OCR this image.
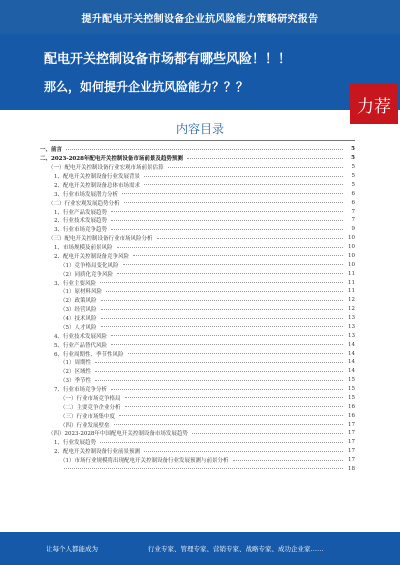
提升配电开关控制设备企业抗风险能力策略研究报告
配电开关控制设备市场都有哪些风险！！！
那么，如何提升企业抗风险能力？？？
力荐
内容目录
一、前言	5
二、2023-2028年配电开关控制设备市场前景及趋势预测	5
（一）配电开关控制设备行业宏观市场前景估算	5
1、配电开关控制设备行业发展背景	5
2、配电开关控制设备总体市场需求	5
3、行业市场发展潜力分析	6
（二）行业宏观发展趋势分析	6
1、行业产品发展趋势	7
2、行业技术发展趋势	7
3、行业市场竞争趋势	9
（三）配电开关控制设备行业市场风险分析	10
1、市场规模及前景风险	10
2、配电开关控制设备竞争风险	10
（1）竞争格局变化风险	10
（2）同质化竞争风险	11
3、行业主要风险	11
（1）原材料风险	11
（2）政策风险	12
（3）经营风险	12
（4）技术风险	13
（5）人才风险	13
4、行业技术发展风险	13
5、行业产品替代风险	14
6、行业周期性、季节性风险	14
（1）周期性	14
（2）区域性	14
（3）季节性	15
7、行业市场竞争分析	15
（一）行业市场竞争格局	15
（二）主要竞争企业分析	16
（三）行业市场集中度	16
（四）行业发展壁垒	17
（四）2023-2028年中国配电开关控制设备市场发展趋势	17
1、行业发展趋势	17
2、配电开关控制设备行业前景预测	17
（1）市场行业规模将出现配电开关控制设备行业发展预测与前景分析	17
18
让每个人都能成为	行业专家、管理专家、营销专家、战略专家、成功企业家……
